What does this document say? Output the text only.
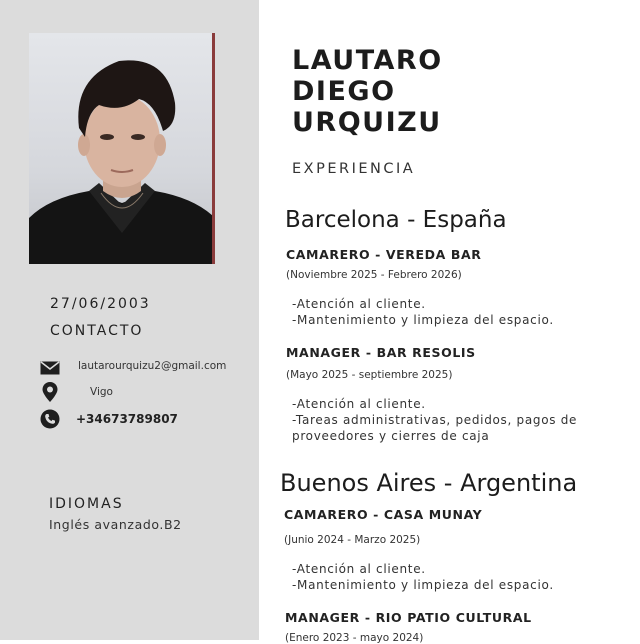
27/06/2003
CONTACTO
lautarourquizu2@gmail.com
Vigo
+34673789807
IDIOMAS
Inglés avanzado.B2
LAUTARO
DIEGO
URQUIZU
EXPERIENCIA
Barcelona - España
CAMARERO - VEREDA BAR
(Noviembre 2025 - Febrero 2026)
-Atención al cliente.
-Mantenimiento y limpieza del espacio.
MANAGER - BAR RESOLIS
(Mayo 2025 - septiembre 2025)
-Atención al cliente.
-Tareas administrativas, pedidos, pagos de
proveedores y cierres de caja
Buenos Aires - Argentina
CAMARERO - CASA MUNAY
(Junio 2024 - Marzo 2025)
-Atención al cliente.
-Mantenimiento y limpieza del espacio.
MANAGER - RIO PATIO CULTURAL
(Enero 2023 - mayo 2024)
